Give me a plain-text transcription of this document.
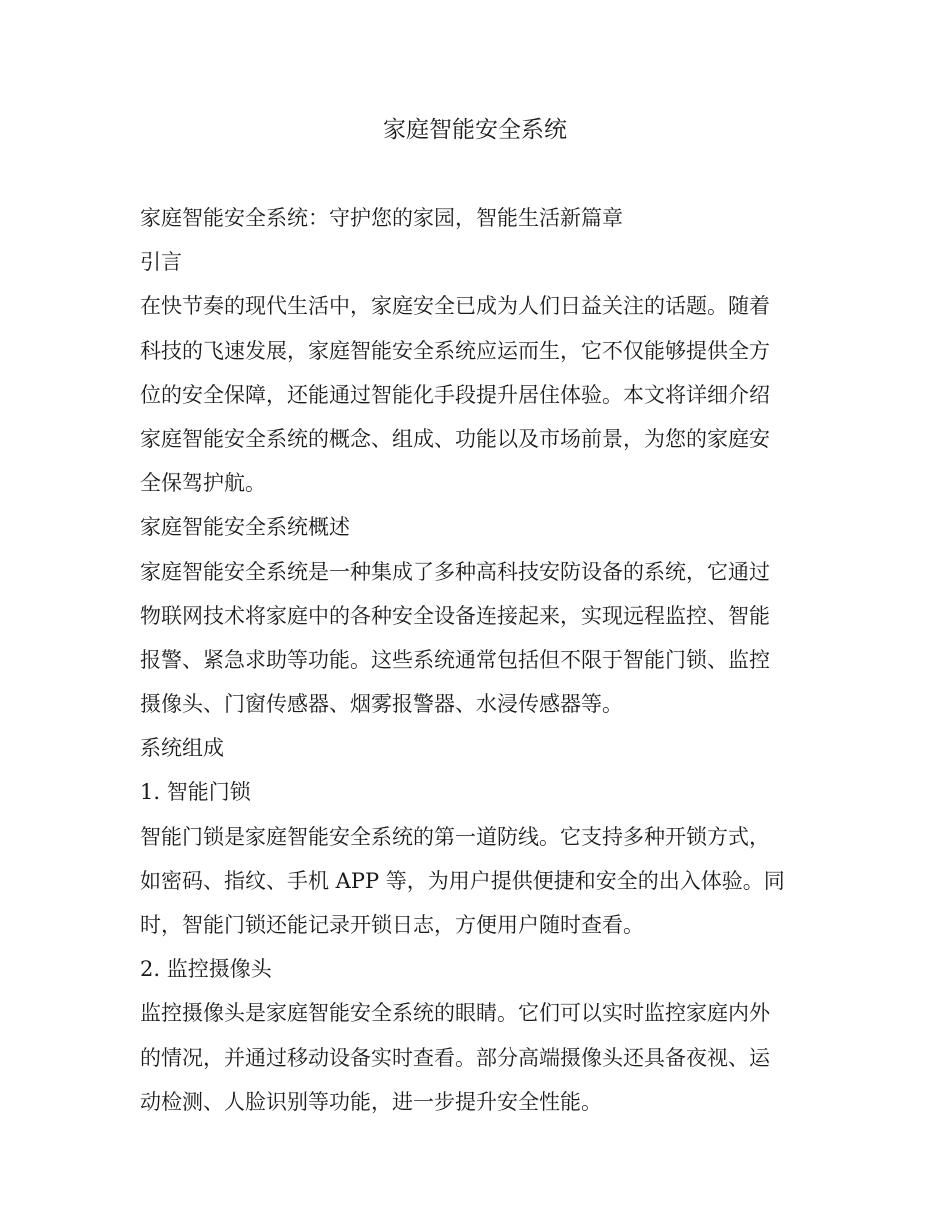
家庭智能安全系统

家庭智能安全系统：守护您的家园，智能生活新篇章

引言

在快节奏的现代生活中，家庭安全已成为人们日益关注的话题。随着

科技的飞速发展，家庭智能安全系统应运而生，它不仅能够提供全方

位的安全保障，还能通过智能化手段提升居住体验。本文将详细介绍

家庭智能安全系统的概念、组成、功能以及市场前景，为您的家庭安

全保驾护航。

家庭智能安全系统概述

家庭智能安全系统是一种集成了多种高科技安防设备的系统，它通过

物联网技术将家庭中的各种安全设备连接起来，实现远程监控、智能

报警、紧急求助等功能。这些系统通常包括但不限于智能门锁、监控

摄像头、门窗传感器、烟雾报警器、水浸传感器等。

系统组成

1. 智能门锁

智能门锁是家庭智能安全系统的第一道防线。它支持多种开锁方式，

如密码、指纹、手机 APP 等，为用户提供便捷和安全的出入体验。同

时，智能门锁还能记录开锁日志，方便用户随时查看。

2. 监控摄像头

监控摄像头是家庭智能安全系统的眼睛。它们可以实时监控家庭内外

的情况，并通过移动设备实时查看。部分高端摄像头还具备夜视、运

动检测、人脸识别等功能，进一步提升安全性能。
